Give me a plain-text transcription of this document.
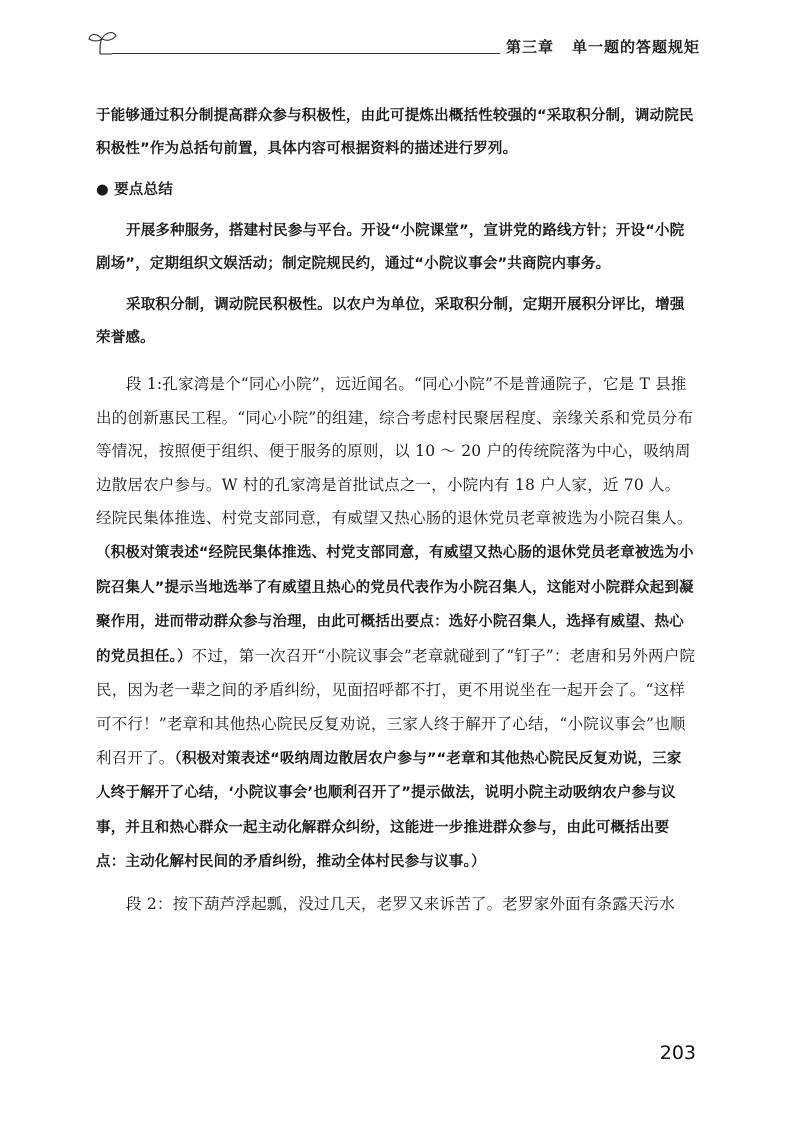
第三章 单一题的答题规矩

于能够通过积分制提高群众参与积极性，由此可提炼出概括性较强的“采取积分制，调动院民积极性”作为总括句前置，具体内容可根据资料的描述进行罗列。

● 要点总结

开展多种服务，搭建村民参与平台。开设“小院课堂”，宣讲党的路线方针；开设“小院剧场”，定期组织文娱活动；制定院规民约，通过“小院议事会”共商院内事务。

采取积分制，调动院民积极性。以农户为单位，采取积分制，定期开展积分评比，增强荣誉感。

段 1:孔家湾是个“同心小院”，远近闻名。“同心小院”不是普通院子，它是 T 县推出的创新惠民工程。“同心小院”的组建，综合考虑村民聚居程度、亲缘关系和党员分布等情况，按照便于组织、便于服务的原则，以 10 ～ 20 户的传统院落为中心，吸纳周边散居农户参与。W 村的孔家湾是首批试点之一，小院内有 18 户人家，近 70 人。经院民集体推选、村党支部同意，有威望又热心肠的退休党员老章被选为小院召集人。（积极对策表述“经院民集体推选、村党支部同意，有威望又热心肠的退休党员老章被选为小院召集人”提示当地选举了有威望且热心的党员代表作为小院召集人，这能对小院群众起到凝聚作用，进而带动群众参与治理，由此可概括出要点：选好小院召集人，选择有威望、热心的党员担任。）不过，第一次召开“小院议事会”老章就碰到了“钉子”：老唐和另外两户院民，因为老一辈之间的矛盾纠纷，见面招呼都不打，更不用说坐在一起开会了。“这样可不行！”老章和其他热心院民反复劝说，三家人终于解开了心结，“小院议事会”也顺利召开了。（积极对策表述“吸纳周边散居农户参与”“老章和其他热心院民反复劝说，三家人终于解开了心结，‘小院议事会’也顺利召开了”提示做法，说明小院主动吸纳农户参与议事，并且和热心群众一起主动化解群众纠纷，这能进一步推进群众参与，由此可概括出要点：主动化解村民间的矛盾纠纷，推动全体村民参与议事。）

段 2：按下葫芦浮起瓢，没过几天，老罗又来诉苦了。老罗家外面有条露天污水

203
